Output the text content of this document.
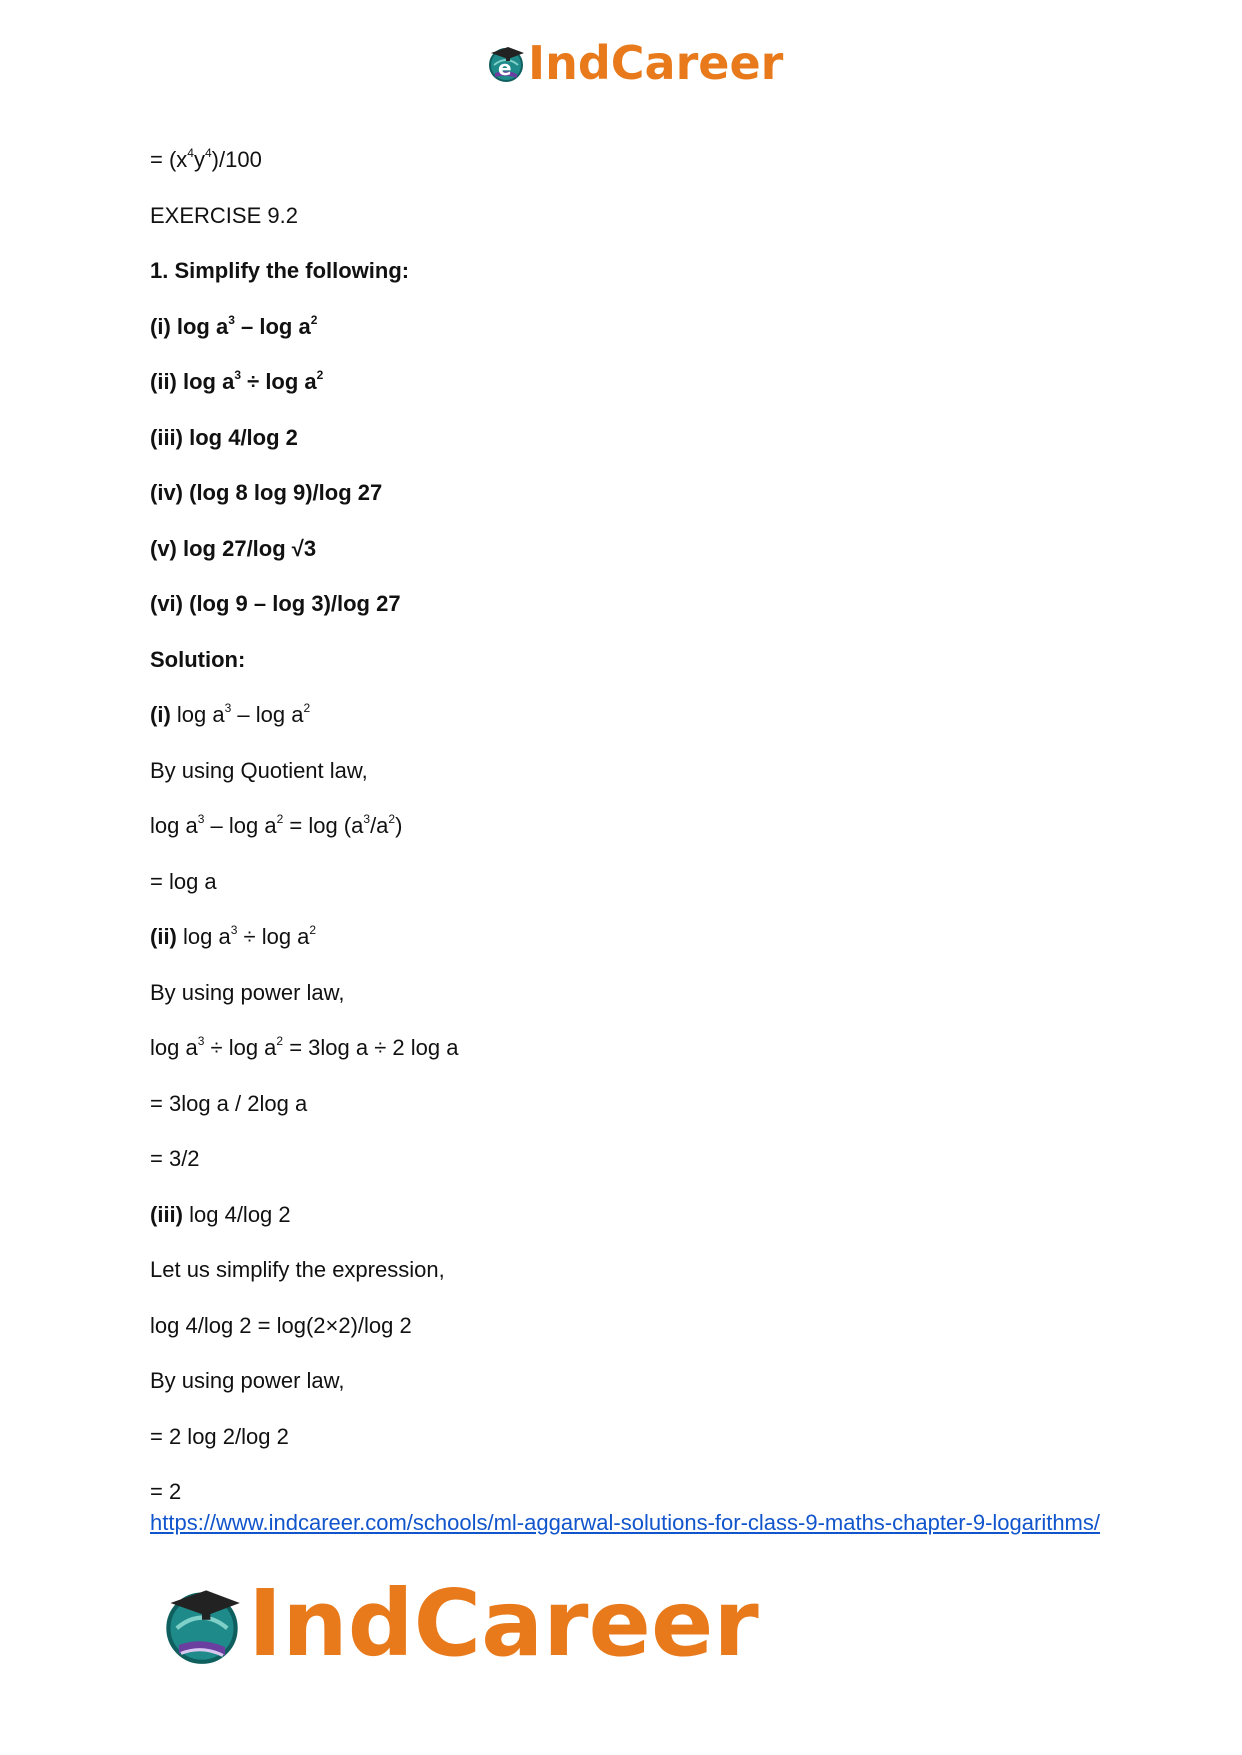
e IndCareer
= $(x^4y^4)/100$
EXERCISE 9.2
1. Simplify the following:
(i) $\log a^3$ – $\log a^2$
(ii) $\log a^3 \div \log a^2$
(iii) log 4/log 2
(iv) (log 8 log 9)/log 27
(v) log 27/log √3
(vi) (log 9 – log 3)/log 27
Solution:
(i) $\log a^3$ – $\log a^2$
By using Quotient law,
$\log a^3 - \log a^2 = \log (a^3/a^2)$
= log a
(ii) $\log a^3 \div \log a^2$
By using power law,
$\log a^3 \div \log a^2 = 3\log$ a ÷ 2 log a
= 3log a / 2log a
= 3/2
(iii) log 4/log 2
Let us simplify the expression,
log 4/log 2 = log(2×2)/log 2
By using power law,
= 2 log 2/log 2
= 2
https://www.indcareer.com/schools/ml-aggarwal-solutions-for-class-9-maths-chapter-9-logarithms/
IndCareer
